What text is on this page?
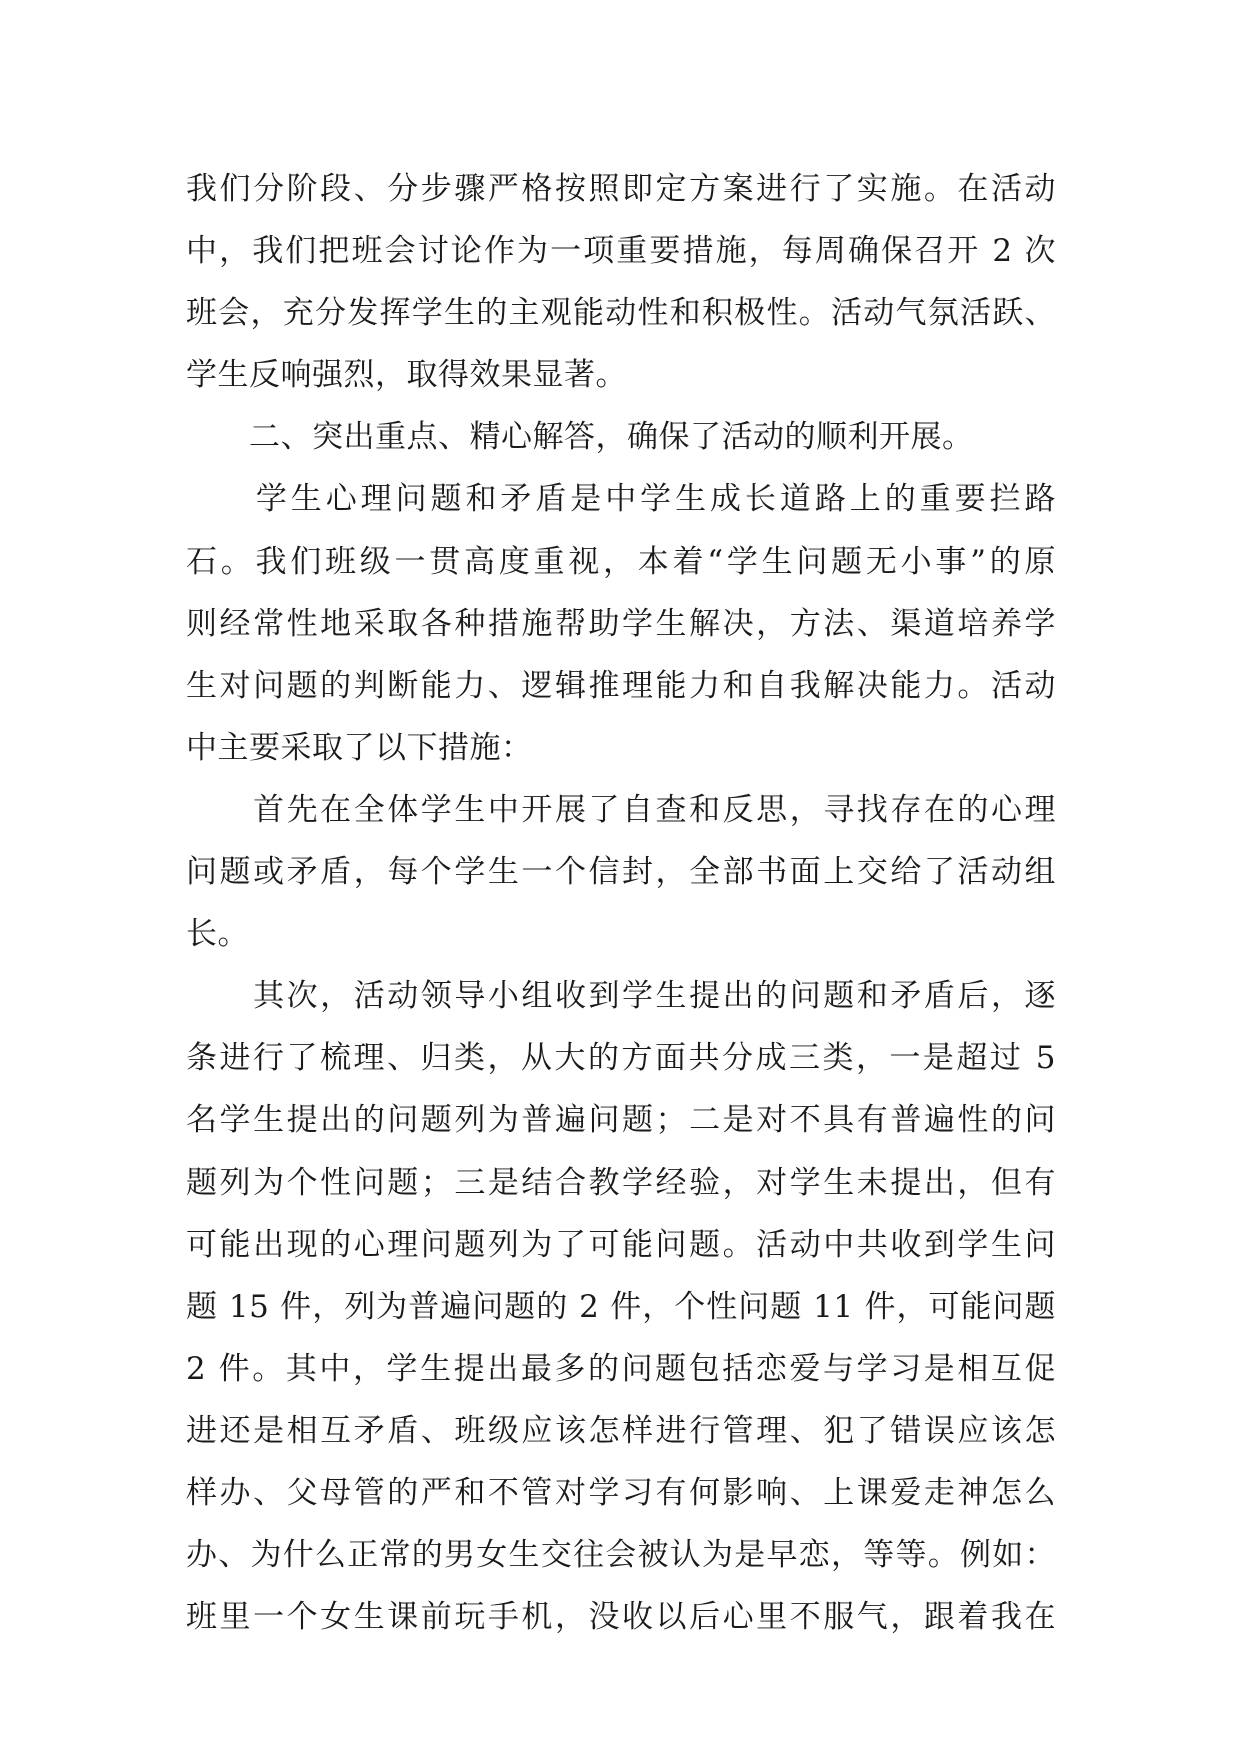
我们分阶段、分步骤严格按照即定方案进行了实施。在活动
中，我们把班会讨论作为一项重要措施，每周确保召开 2 次
班会，充分发挥学生的主观能动性和积极性。活动气氛活跃、
学生反响强烈，取得效果显著。
　　二、突出重点、精心解答，确保了活动的顺利开展。
　　学生心理问题和矛盾是中学生成长道路上的重要拦路
石。我们班级一贯高度重视，本着“学生问题无小事”的原
则经常性地采取各种措施帮助学生解决，方法、渠道培养学
生对问题的判断能力、逻辑推理能力和自我解决能力。活动
中主要采取了以下措施：
　　首先在全体学生中开展了自查和反思，寻找存在的心理
问题或矛盾，每个学生一个信封，全部书面上交给了活动组
长。
　　其次，活动领导小组收到学生提出的问题和矛盾后，逐
条进行了梳理、归类，从大的方面共分成三类，一是超过 5
名学生提出的问题列为普遍问题；二是对不具有普遍性的问
题列为个性问题；三是结合教学经验，对学生未提出，但有
可能出现的心理问题列为了可能问题。活动中共收到学生问
题 15 件，列为普遍问题的 2 件，个性问题 11 件，可能问题
2 件。其中，学生提出最多的问题包括恋爱与学习是相互促
进还是相互矛盾、班级应该怎样进行管理、犯了错误应该怎
样办、父母管的严和不管对学习有何影响、上课爱走神怎么
办、为什么正常的男女生交往会被认为是早恋，等等。例如：
班里一个女生课前玩手机，没收以后心里不服气，跟着我在
